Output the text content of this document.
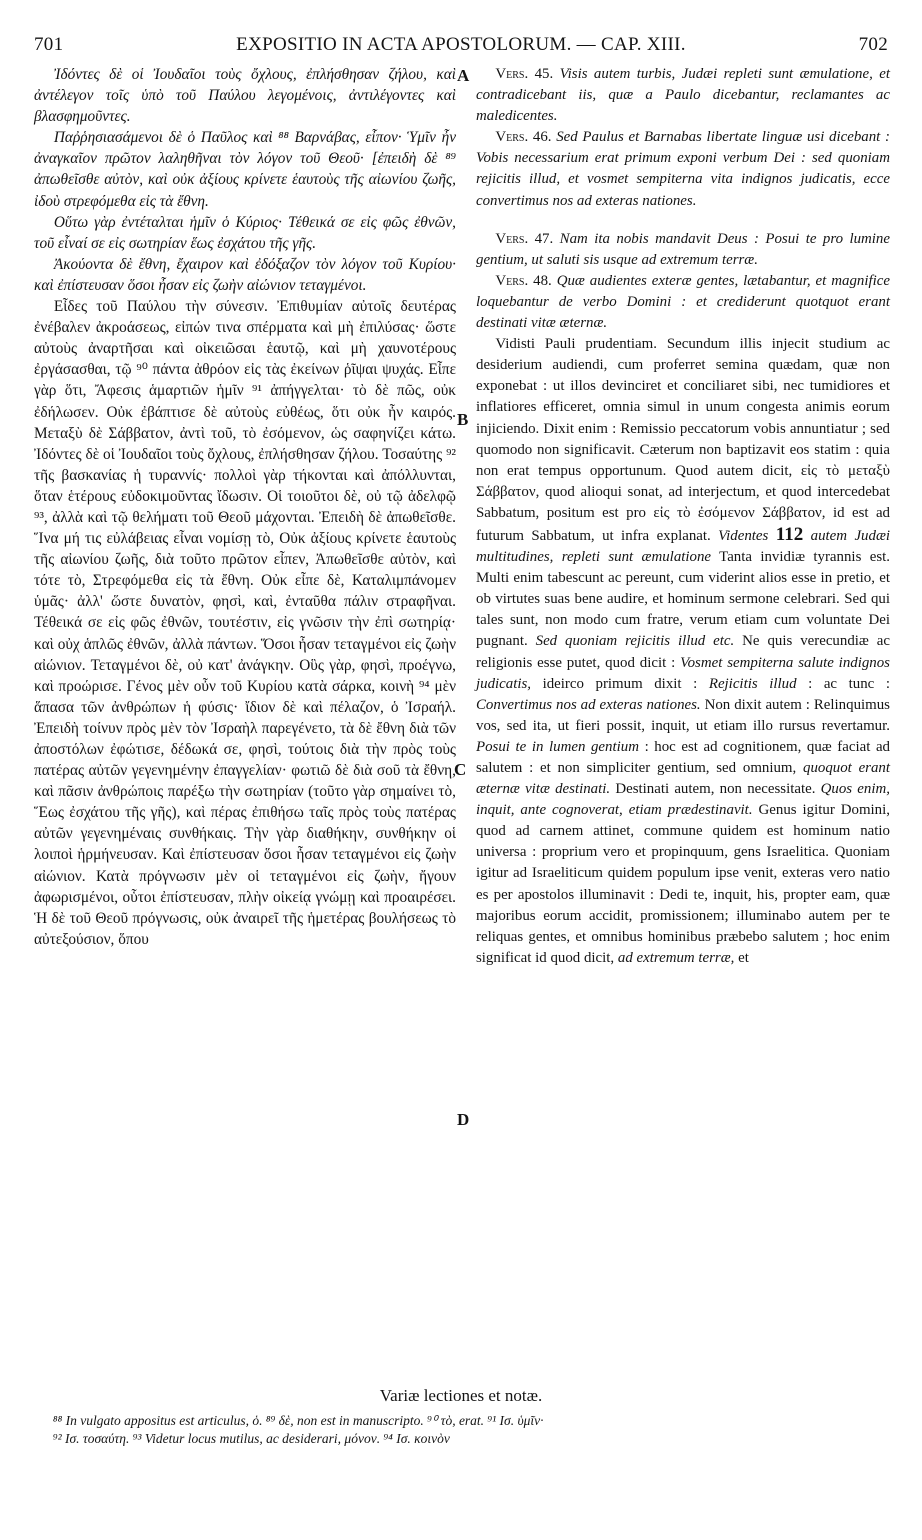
701	EXPOSITIO IN ACTA APOSTOLORUM. — CAP. XIII.	702

Ἰδόντες δὲ οἱ Ἰουδαῖοι τοὺς ὄχλους, ἐπλήσθησαν ζήλου, καὶ ἀντέλεγον τοῖς ὑπὸ τοῦ Παύλου λεγομένοις, ἀντιλέγοντες καὶ βλασφημοῦντες.

Παῤῥησιασάμενοι δὲ ὁ Παῦλος καὶ ⁸⁸ Βαρνάβας, εἶπον· Ὑμῖν ἦν ἀναγκαῖον πρῶτον λαληθῆναι τὸν λόγον τοῦ Θεοῦ· [ἐπειδὴ δὲ ⁸⁹ ἀπωθεῖσθε αὐτὸν, καὶ οὐκ ἀξίους κρίνετε ἑαυτοὺς τῆς αἰωνίου ζωῆς, ἰδοὺ στρεφόμεθα εἰς τὰ ἔθνη.

Οὕτω γὰρ ἐντέταλται ἡμῖν ὁ Κύριος· Τέθεικά σε εἰς φῶς ἐθνῶν, τοῦ εἶναί σε εἰς σωτηρίαν ἕως ἐσχάτου τῆς γῆς.

Ἀκούοντα δὲ ἔθνη, ἔχαιρον καὶ ἐδόξαζον τὸν λόγον τοῦ Κυρίου· καὶ ἐπίστευσαν ὅσοι ἦσαν εἰς ζωὴν αἰώνιον τεταγμένοι.

Εἶδες τοῦ Παύλου τὴν σύνεσιν. Ἐπιθυμίαν αὐτοῖς δευτέρας ἐνέβαλεν ἀκροάσεως, εἰπών τινα σπέρματα καὶ μὴ ἐπιλύσας· ὥστε αὐτοὺς ἀναρτῆσαι καὶ οἰκειῶσαι ἑαυτῷ, καὶ μὴ χαυνοτέρους ἐργάσασθαι, τῷ ⁹⁰ πάντα ἀθρόον εἰς τὰς ἐκείνων ῥῖψαι ψυχάς. Εἶπε γὰρ ὅτι, Ἄφεσις ἁμαρτιῶν ἡμῖν ⁹¹ ἀπήγγελται· τὸ δὲ πῶς, οὐκ ἐδήλωσεν. Οὐκ ἐβάπτισε δὲ αὐτοὺς εὐθέως, ὅτι οὐκ ἦν καιρός. Μεταξὺ δὲ Σάββατον, ἀντὶ τοῦ, τὸ ἐσόμενον, ὡς σαφηνίζει κάτω. Ἰδόντες δὲ οἱ Ἰουδαῖοι τοὺς ὄχλους, ἐπλήσθησαν ζήλου. Τοσαύτης ⁹² τῆς βασκανίας ἡ τυραννίς· πολλοὶ γὰρ τήκονται καὶ ἀπόλλυνται, ὅταν ἑτέρους εὐδοκιμοῦντας ἴδωσιν. Οἱ τοιοῦτοι δὲ, οὐ τῷ ἀδελφῷ ⁹³, ἀλλὰ καὶ τῷ θελήματι τοῦ Θεοῦ μάχονται. Ἐπειδὴ δὲ ἀπωθεῖσθε. Ἵνα μή τις εὐλάβειας εἶναι νομίσῃ τὸ, Οὐκ ἀξίους κρίνετε ἑαυτοὺς τῆς αἰωνίου ζωῆς, διὰ τοῦτο πρῶτον εἶπεν, Ἀπωθεῖσθε αὐτὸν, καὶ τότε τὸ, Στρεφόμεθα εἰς τὰ ἔθνη. Οὐκ εἶπε δὲ, Καταλιμπάνομεν ὑμᾶς· ἀλλ' ὥστε δυνατὸν, φησὶ, καὶ, ἐνταῦθα πάλιν στραφῆναι. Τέθεικά σε εἰς φῶς ἐθνῶν, τουτέστιν, εἰς γνῶσιν τὴν ἐπὶ σωτηρίᾳ· καὶ οὐχ ἁπλῶς ἐθνῶν, ἀλλὰ πάντων. Ὅσοι ἦσαν τεταγμένοι εἰς ζωὴν αἰώνιον. Τεταγμένοι δὲ, οὐ κατ' ἀνάγκην. Οὓς γὰρ, φησὶ, προέγνω, καὶ προώρισε. Γένος μὲν οὖν τοῦ Κυρίου κατὰ σάρκα, κοινὴ ⁹⁴ μὲν ἅπασα τῶν ἀνθρώπων ἡ φύσις· ἴδιον δὲ καὶ πέλαζον, ὁ Ἰσραήλ. Ἐπειδὴ τοίνυν πρὸς μὲν τὸν Ἰσραὴλ παρεγένετο, τὰ δὲ ἔθνη διὰ τῶν ἀποστόλων ἐφώτισε, δέδωκά σε, φησὶ, τούτοις διὰ τὴν πρὸς τοὺς πατέρας αὐτῶν γεγενημένην ἐπαγγελίαν· φωτιῶ δὲ διὰ σοῦ τὰ ἔθνη, καὶ πᾶσιν ἀνθρώποις παρέξω τὴν σωτηρίαν (τοῦτο γὰρ σημαίνει τὸ, Ἕως ἐσχάτου τῆς γῆς), καὶ πέρας ἐπιθήσω ταῖς πρὸς τοὺς πατέρας αὐτῶν γεγενημέναις συνθήκαις. Τὴν γὰρ διαθήκην, συνθήκην οἱ λοιποὶ ἡρμήνευσαν. Καὶ ἐπίστευσαν ὅσοι ἦσαν τεταγμένοι εἰς ζωὴν αἰώνιον. Κατὰ πρόγνωσιν μὲν οἱ τεταγμένοι εἰς ζωὴν, ἤγουν ἀφωρισμένοι, οὗτοι ἐπίστευσαν, πλὴν οἰκείᾳ γνώμῃ καὶ προαιρέσει. Ἡ δὲ τοῦ Θεοῦ πρόγνωσις, οὐκ ἀναιρεῖ τῆς ἡμετέρας βουλήσεως τὸ αὐτεξούσιον, ὅπου

A
B
C
D

Vers. 45. Visis autem turbis, Judæi repleti sunt æmulatione, et contradicebant iis, quæ a Paulo dicebantur, reclamantes ac maledicentes.

Vers. 46. Sed Paulus et Barnabas libertate linguæ usi dicebant : Vobis necessarium erat primum exponi verbum Dei : sed quoniam rejicitis illud, et vosmet sempiterna vita indignos judicatis, ecce convertimus nos ad exteras nationes.

Vers. 47. Nam ita nobis mandavit Deus : Posui te pro lumine gentium, ut saluti sis usque ad extremum terræ.

Vers. 48. Quæ audientes exteræ gentes, lætabantur, et magnifice loquebantur de verbo Domini : et crediderunt quotquot erant destinati vitæ æternæ.

Vidisti Pauli prudentiam. Secundum illis injecit studium ac desiderium audiendi, cum proferret semina quædam, quæ non exponebat : ut illos devinciret et conciliaret sibi, nec tumidiores et inflatiores efficeret, omnia simul in unum congesta animis eorum injiciendo. Dixit enim : Remissio peccatorum vobis annuntiatur ; sed quomodo non significavit. Cæterum non baptizavit eos statim : quia non erat tempus opportunum. Quod autem dicit, εἰς τὸ μεταξὺ Σάββατον, quod alioqui sonat, ad interjectum, et quod intercedebat Sabbatum, positum est pro εἰς τὸ ἐσόμενον Σάββατον, id est ad futurum Sabbatum, ut infra explanat. Videntes 112 autem Judæi multitudines, repleti sunt æmulatione Tanta invidiæ tyrannis est. Multi enim tabescunt ac pereunt, cum viderint alios esse in pretio, et ob virtutes suas bene audire, et hominum sermone celebrari. Sed qui tales sunt, non modo cum fratre, verum etiam cum voluntate Dei pugnant. Sed quoniam rejicitis illud etc. Ne quis verecundiæ ac religionis esse putet, quod dicit : Vosmet sempiterna salute indignos judicatis, ideirco primum dixit : Rejicitis illud : ac tunc : Convertimus nos ad exteras nationes. Non dixit autem : Relinquimus vos, sed ita, ut fieri possit, inquit, ut etiam illo rursus revertamur. Posui te in lumen gentium : hoc est ad cognitionem, quæ faciat ad salutem : et non simpliciter gentium, sed omnium, quoquot erant æternæ vitæ destinati. Destinati autem, non necessitate. Quos enim, inquit, ante cognoverat, etiam prædestinavit. Genus igitur Domini, quod ad carnem attinet, commune quidem est hominum natio universa : proprium vero et propinquum, gens Israelitica. Quoniam igitur ad Israeliticum quidem populum ipse venit, exteras vero natio es per apostolos illuminavit : Dedi te, inquit, his, propter eam, quæ majoribus eorum accidit, promissionem; illuminabo autem per te reliquas gentes, et omnibus hominibus præbebo salutem ; hoc enim significat id quod dicit, ad extremum terræ, et

Variæ lectiones et notæ.

⁸⁸ In vulgato appositus est articulus, ὁ. ⁸⁹ δὲ, non est in manuscripto. ⁹⁰ τὸ, erat. ⁹¹ Ισ. ὑμῖν·

⁹² Ισ. τοσαύτη. ⁹³ Videtur locus mutilus, ac desiderari, μόνον. ⁹⁴ Ισ. κοινὸν
